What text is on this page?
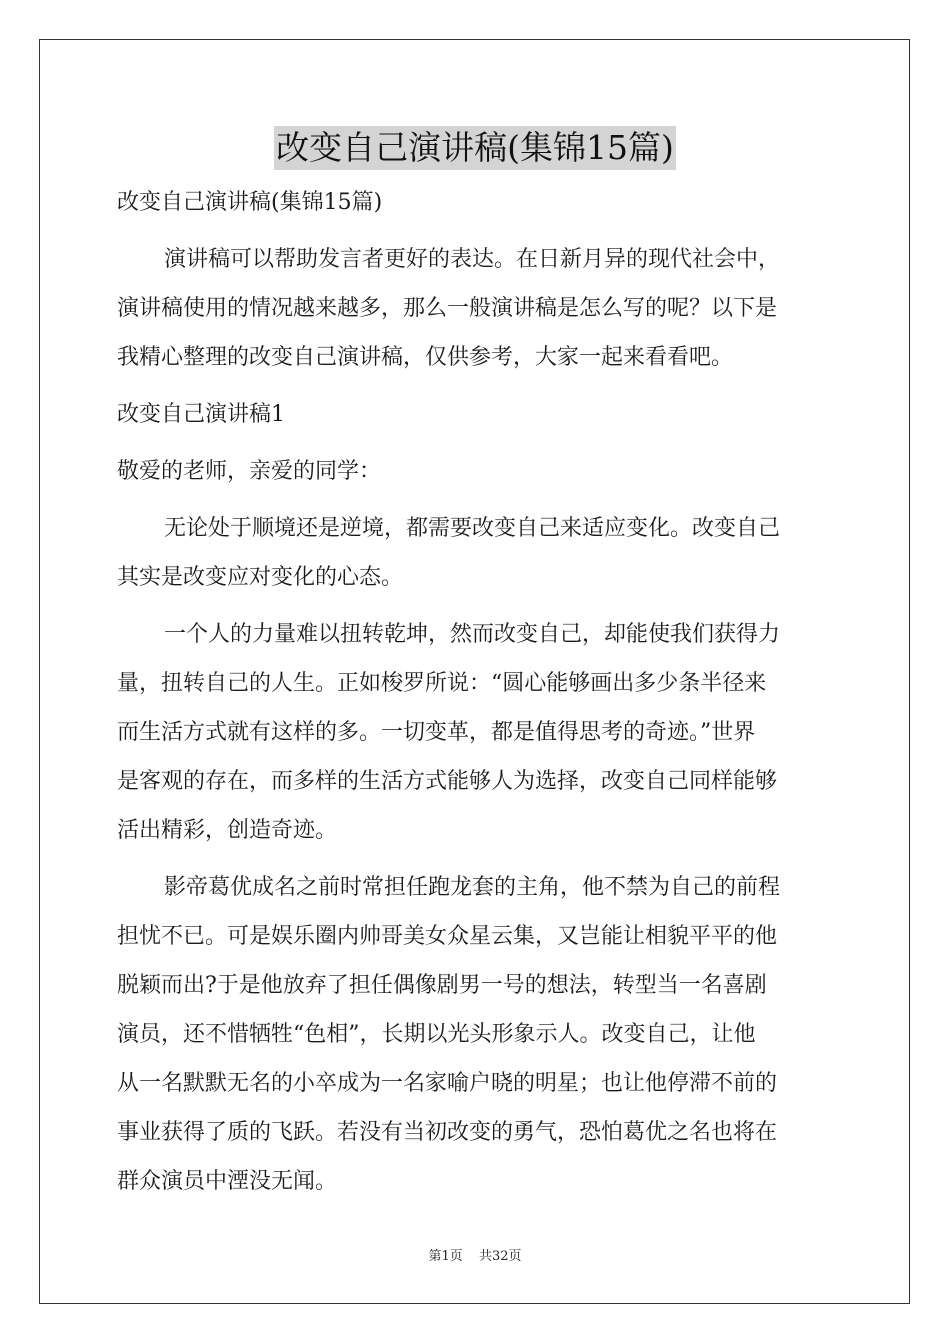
改变自己演讲稿(集锦15篇)

改变自己演讲稿(集锦15篇)

演讲稿可以帮助发言者更好的表达。在日新月异的现代社会中，

演讲稿使用的情况越来越多，那么一般演讲稿是怎么写的呢？以下是

我精心整理的改变自己演讲稿，仅供参考，大家一起来看看吧。

改变自己演讲稿1

敬爱的老师，亲爱的同学：

无论处于顺境还是逆境，都需要改变自己来适应变化。改变自己

其实是改变应对变化的心态。

一个人的力量难以扭转乾坤，然而改变自己，却能使我们获得力

量，扭转自己的人生。正如梭罗所说：“圆心能够画出多少条半径来

而生活方式就有这样的多。一切变革，都是值得思考的奇迹。”世界

是客观的存在，而多样的生活方式能够人为选择，改变自己同样能够

活出精彩，创造奇迹。

影帝葛优成名之前时常担任跑龙套的主角，他不禁为自己的前程

担忧不已。可是娱乐圈内帅哥美女众星云集，又岂能让相貌平平的他

脱颖而出?于是他放弃了担任偶像剧男一号的想法，转型当一名喜剧

演员，还不惜牺牲“色相”，长期以光头形象示人。改变自己，让他

从一名默默无名的小卒成为一名家喻户晓的明星；也让他停滞不前的

事业获得了质的飞跃。若没有当初改变的勇气，恐怕葛优之名也将在

群众演员中湮没无闻。

第1页 共32页
